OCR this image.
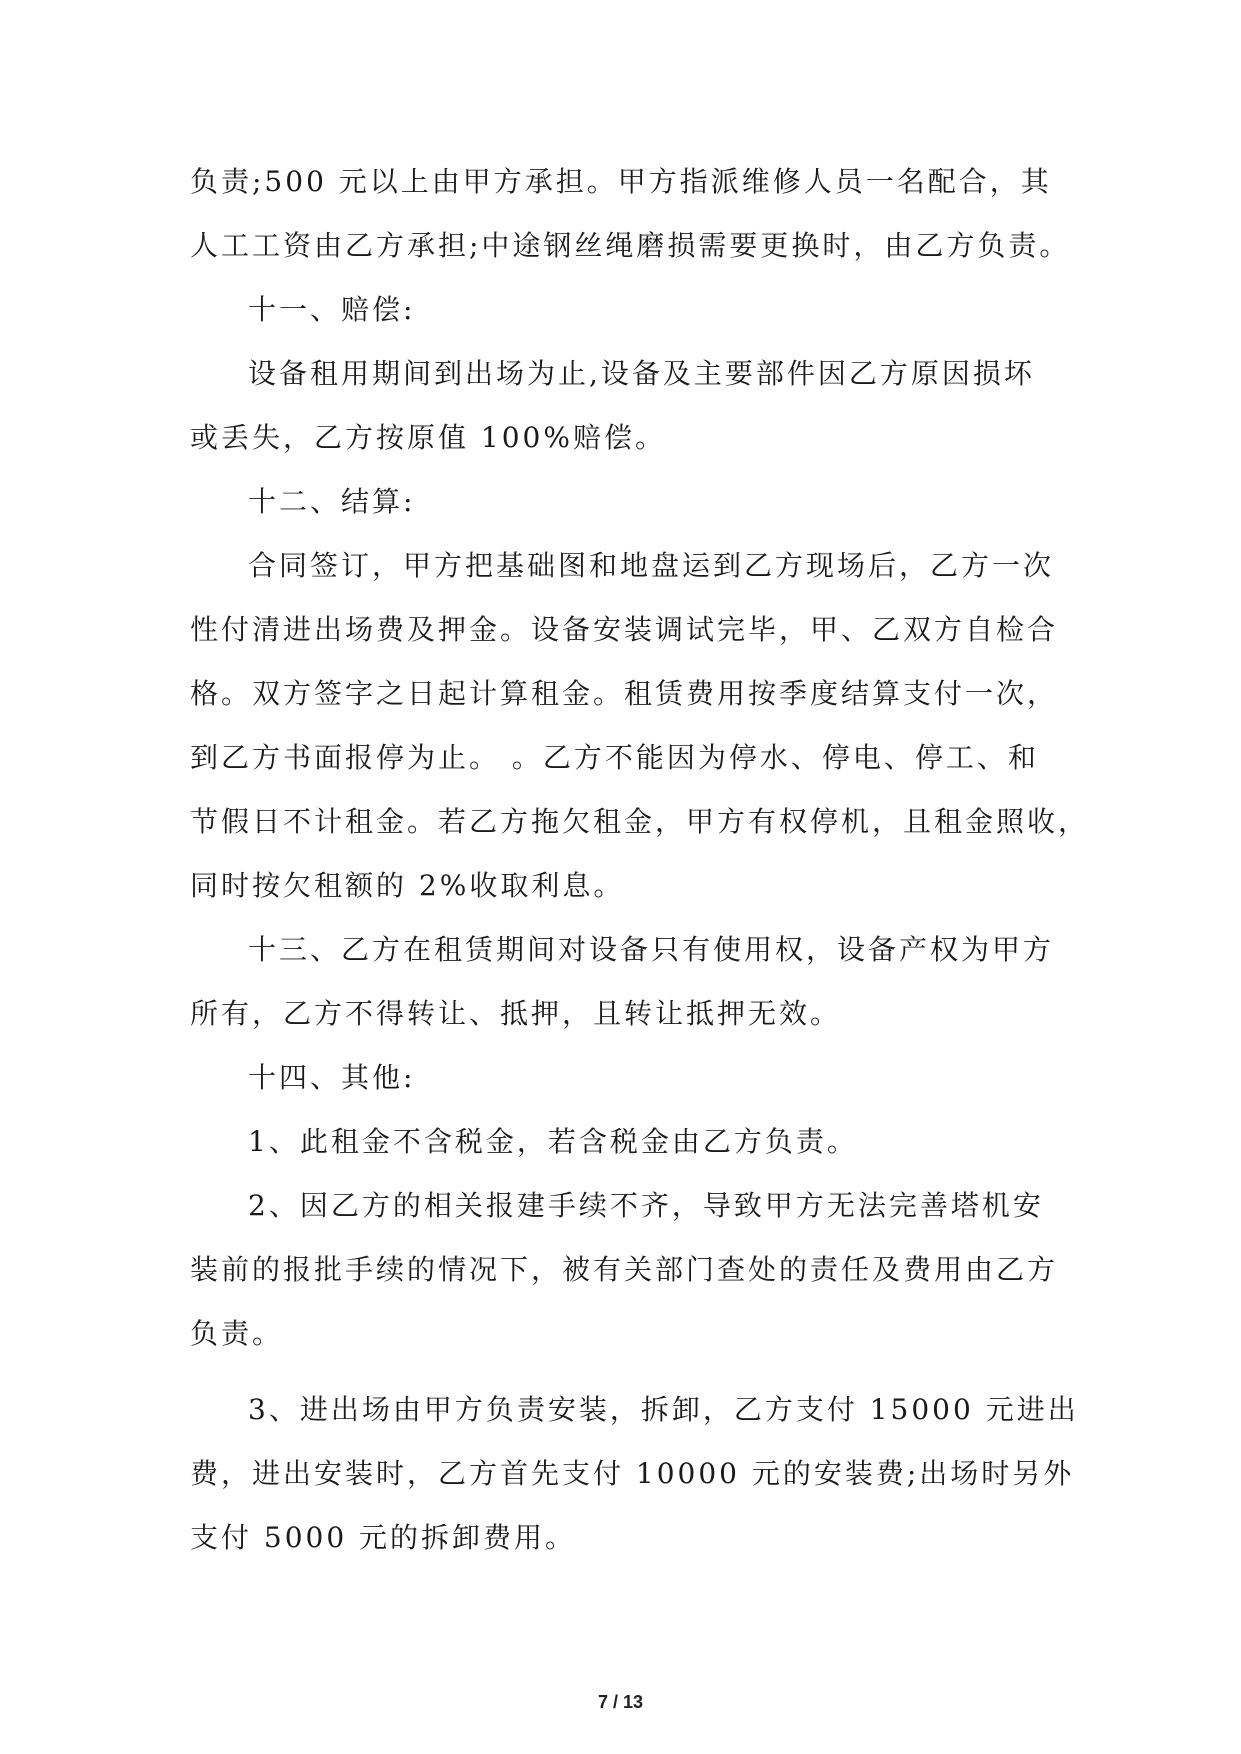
负责;500 元以上由甲方承担。甲方指派维修人员一名配合，其
人工工资由乙方承担;中途钢丝绳磨损需要更换时，由乙方负责。
十一、赔偿:
设备租用期间到出场为止,设备及主要部件因乙方原因损坏
或丢失，乙方按原值 100%赔偿。
十二、结算:
合同签订，甲方把基础图和地盘运到乙方现场后，乙方一次
性付清进出场费及押金。设备安装调试完毕，甲、乙双方自检合
格。双方签字之日起计算租金。租赁费用按季度结算支付一次，
到乙方书面报停为止。 。乙方不能因为停水、停电、停工、和
节假日不计租金。若乙方拖欠租金，甲方有权停机，且租金照收，
同时按欠租额的 2%收取利息。
十三、乙方在租赁期间对设备只有使用权，设备产权为甲方
所有，乙方不得转让、抵押，且转让抵押无效。
十四、其他:
1、此租金不含税金，若含税金由乙方负责。
2、因乙方的相关报建手续不齐，导致甲方无法完善塔机安
装前的报批手续的情况下，被有关部门查处的责任及费用由乙方
负责。
3、进出场由甲方负责安装，拆卸，乙方支付 15000 元进出
费，进出安装时，乙方首先支付 10000 元的安装费;出场时另外
支付 5000 元的拆卸费用。
7 / 13
